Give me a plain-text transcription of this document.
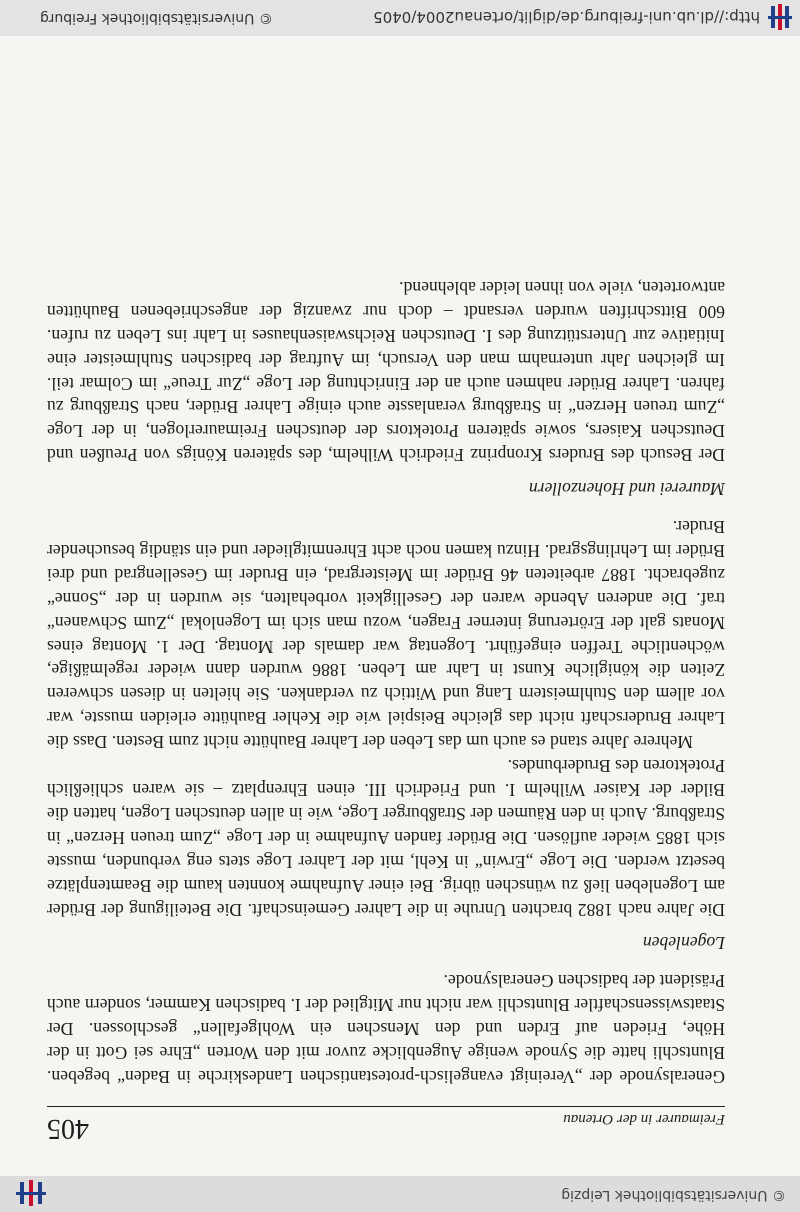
© Universitätsbibliothek Leipzig
Freimaurer in der Ortenau
405

Generalsynode der „Vereinigt evangelisch-protestantischen Landeskirche in Baden“ begeben. Bluntschli hatte die Synode wenige Augenblicke zuvor mit den Worten „Ehre sei Gott in der Höhe, Frieden auf Erden und den Menschen ein Wohlgefallen“ geschlossen. Der Staatswissenschaftler Bluntschli war nicht nur Mitglied der I. badischen Kammer, sondern auch Präsident der badischen Generalsynode.

Logenleben

Die Jahre nach 1882 brachten Unruhe in die Lahrer Gemeinschaft. Die Beteiligung der Brüder am Logenleben ließ zu wünschen übrig. Bei einer Aufnahme konnten kaum die Beamtenplätze besetzt werden. Die Loge „Erwin“ in Kehl, mit der Lahrer Loge stets eng verbunden, musste sich 1885 wieder auflösen. Die Brüder fanden Aufnahme in der Loge „Zum treuen Herzen“ in Straßburg. Auch in den Räumen der Straßburger Loge, wie in allen deutschen Logen, hatten die Bilder der Kaiser Wilhelm I. und Friedrich III. einen Ehrenplatz – sie waren schließlich Protektoren des Bruderbundes.

Mehrere Jahre stand es auch um das Leben der Lahrer Bauhütte nicht zum Besten. Dass die Lahrer Bruderschaft nicht das gleiche Beispiel wie die Kehler Bauhütte erleiden musste, war vor allem den Stuhlmeistern Lang und Wittich zu verdanken. Sie hielten in diesen schweren Zeiten die königliche Kunst in Lahr am Leben. 1886 wurden dann wieder regelmäßige, wöchentliche Treffen eingeführt. Logentag war damals der Montag. Der 1. Montag eines Monats galt der Erörterung interner Fragen, wozu man sich im Logenlokal „Zum Schwanen“ traf. Die anderen Abende waren der Geselligkeit vorbehalten, sie wurden in der „Sonne“ zugebracht. 1887 arbeiteten 46 Brüder im Meistergrad, ein Bruder im Gesellengrad und drei Brüder im Lehrlingsgrad. Hinzu kamen noch acht Ehrenmitglieder und ein ständig besuchender Bruder.

Maurerei und Hohenzollern

Der Besuch des Bruders Kronprinz Friedrich Wilhelm, des späteren Königs von Preußen und Deutschen Kaisers, sowie späteren Protektors der deutschen Freimaurerlogen, in der Loge „Zum treuen Herzen“ in Straßburg veranlasste auch einige Lahrer Brüder, nach Straßburg zu fahren. Lahrer Brüder nahmen auch an der Einrichtung der Loge „Zur Treue“ im Colmar teil. Im gleichen Jahr unternahm man den Versuch, im Auftrag der badischen Stuhlmeister eine Initiative zur Unterstützung des I. Deutschen Reichswaisenhauses in Lahr ins Leben zu rufen. 600 Bittschriften wurden versandt – doch nur zwanzig der angeschriebenen Bauhütten antworteten, viele von ihnen leider ablehnend.

http://dl.ub.uni-freiburg.de/diglit/ortenau2004/0405
© Universitätsbibliothek Freiburg
